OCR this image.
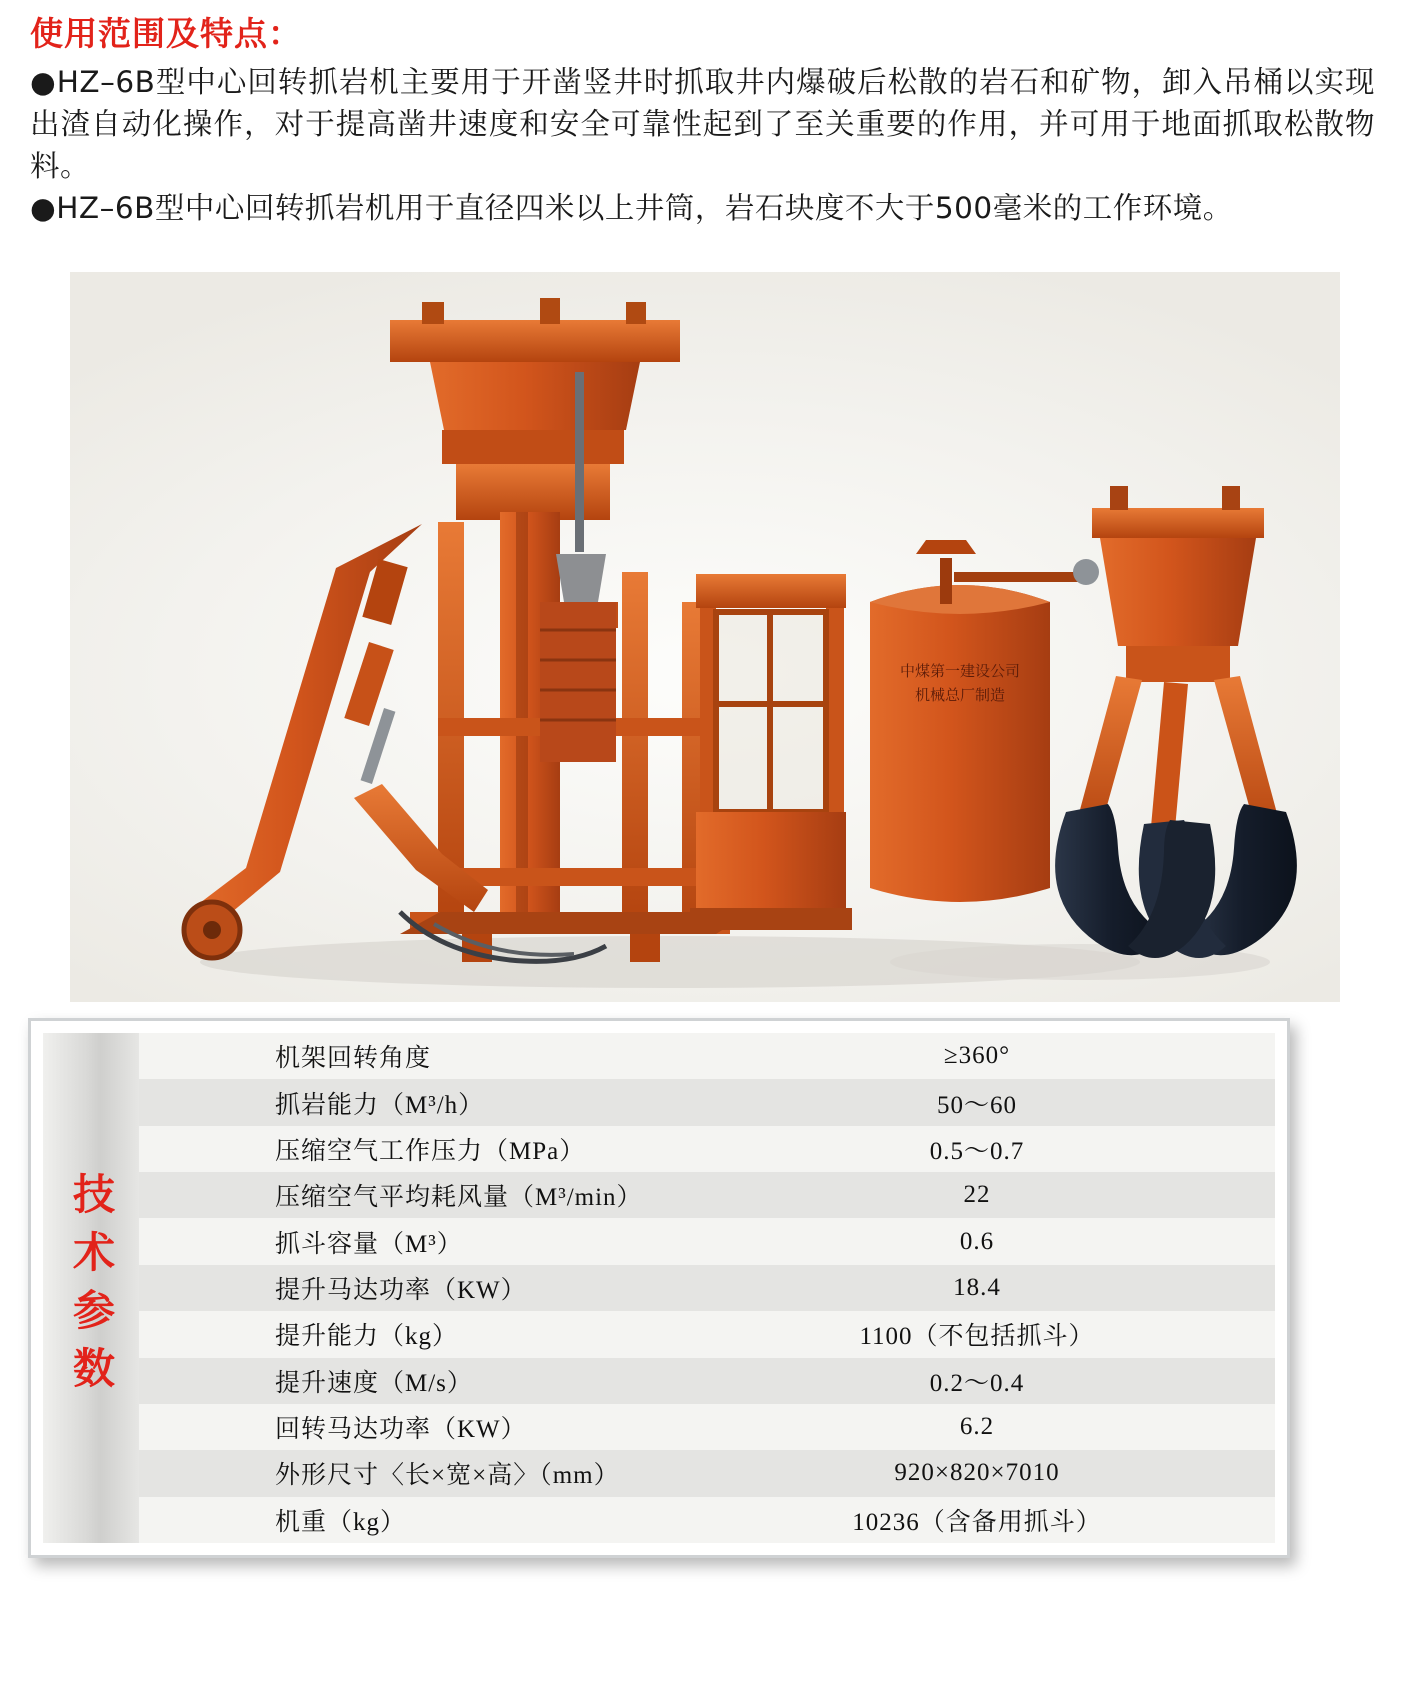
使用范围及特点：

●HZ–6B型中心回转抓岩机主要用于开凿竖井时抓取井内爆破后松散的岩石和矿物，卸入吊桶以实现出渣自动化操作，对于提高凿井速度和安全可靠性起到了至关重要的作用，并可用于地面抓取松散物料。

●HZ–6B型中心回转抓岩机用于直径四米以上井筒，岩石块度不大于500毫米的工作环境。

中煤第一建设公司
机械总厂制造
技术参数
机架回转角度	≥360°
抓岩能力（M³/h）	50～60
压缩空气工作压力（MPa）	0.5～0.7
压缩空气平均耗风量（M³/min）	22
抓斗容量（M³）	0.6
提升马达功率（KW）	18.4
提升能力（kg）	1100（不包括抓斗）
提升速度（M/s）	0.2～0.4
回转马达功率（KW）	6.2
外形尺寸〈长×宽×高〉（mm）	920×820×7010
机重（kg）	10236（含备用抓斗）
